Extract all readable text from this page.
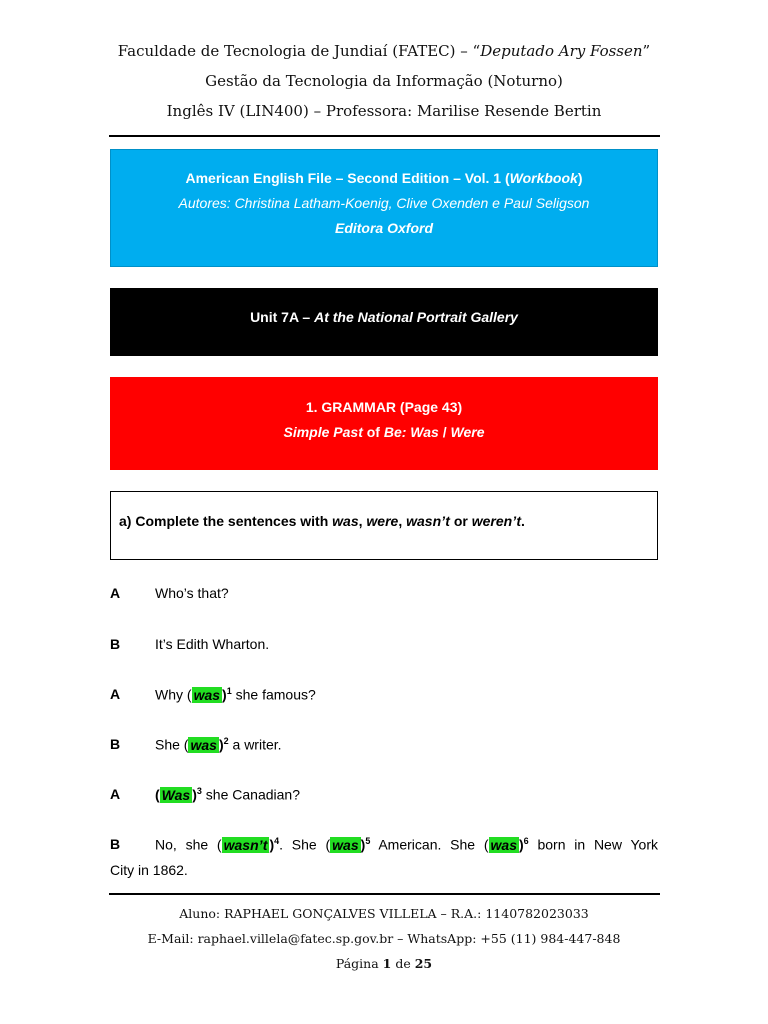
Faculdade de Tecnologia de Jundiaí (FATEC) – “Deputado Ary Fossen”
Gestão da Tecnologia da Informação (Noturno)
Inglês IV (LIN400) – Professora: Marilise Resende Bertin
American English File – Second Edition – Vol. 1 (Workbook)
Autores: Christina Latham-Koenig, Clive Oxenden e Paul Seligson
Editora Oxford
Unit 7A – At the National Portrait Gallery
1. GRAMMAR (Page 43)
Simple Past of Be: Was / Were
a) Complete the sentences with was, were, wasn’t or weren’t.
A Who’s that?
B It’s Edith Wharton.
A Why ( was )$^1$ she famous?
B She ( was )$^2$ a writer.
A ( Was )$^3$ she Canadian?
B No, she ( wasn’t )$^4$. She ( was )$^5$ American. She ( was )$^6$ born in New York
City in 1862.
Aluno: RAPHAEL GONÇALVES VILLELA – R.A.: 1140782023033
E-Mail: raphael.villela@fatec.sp.gov.br – WhatsApp: +55 (11) 984-447-848
Página 1 de 25
